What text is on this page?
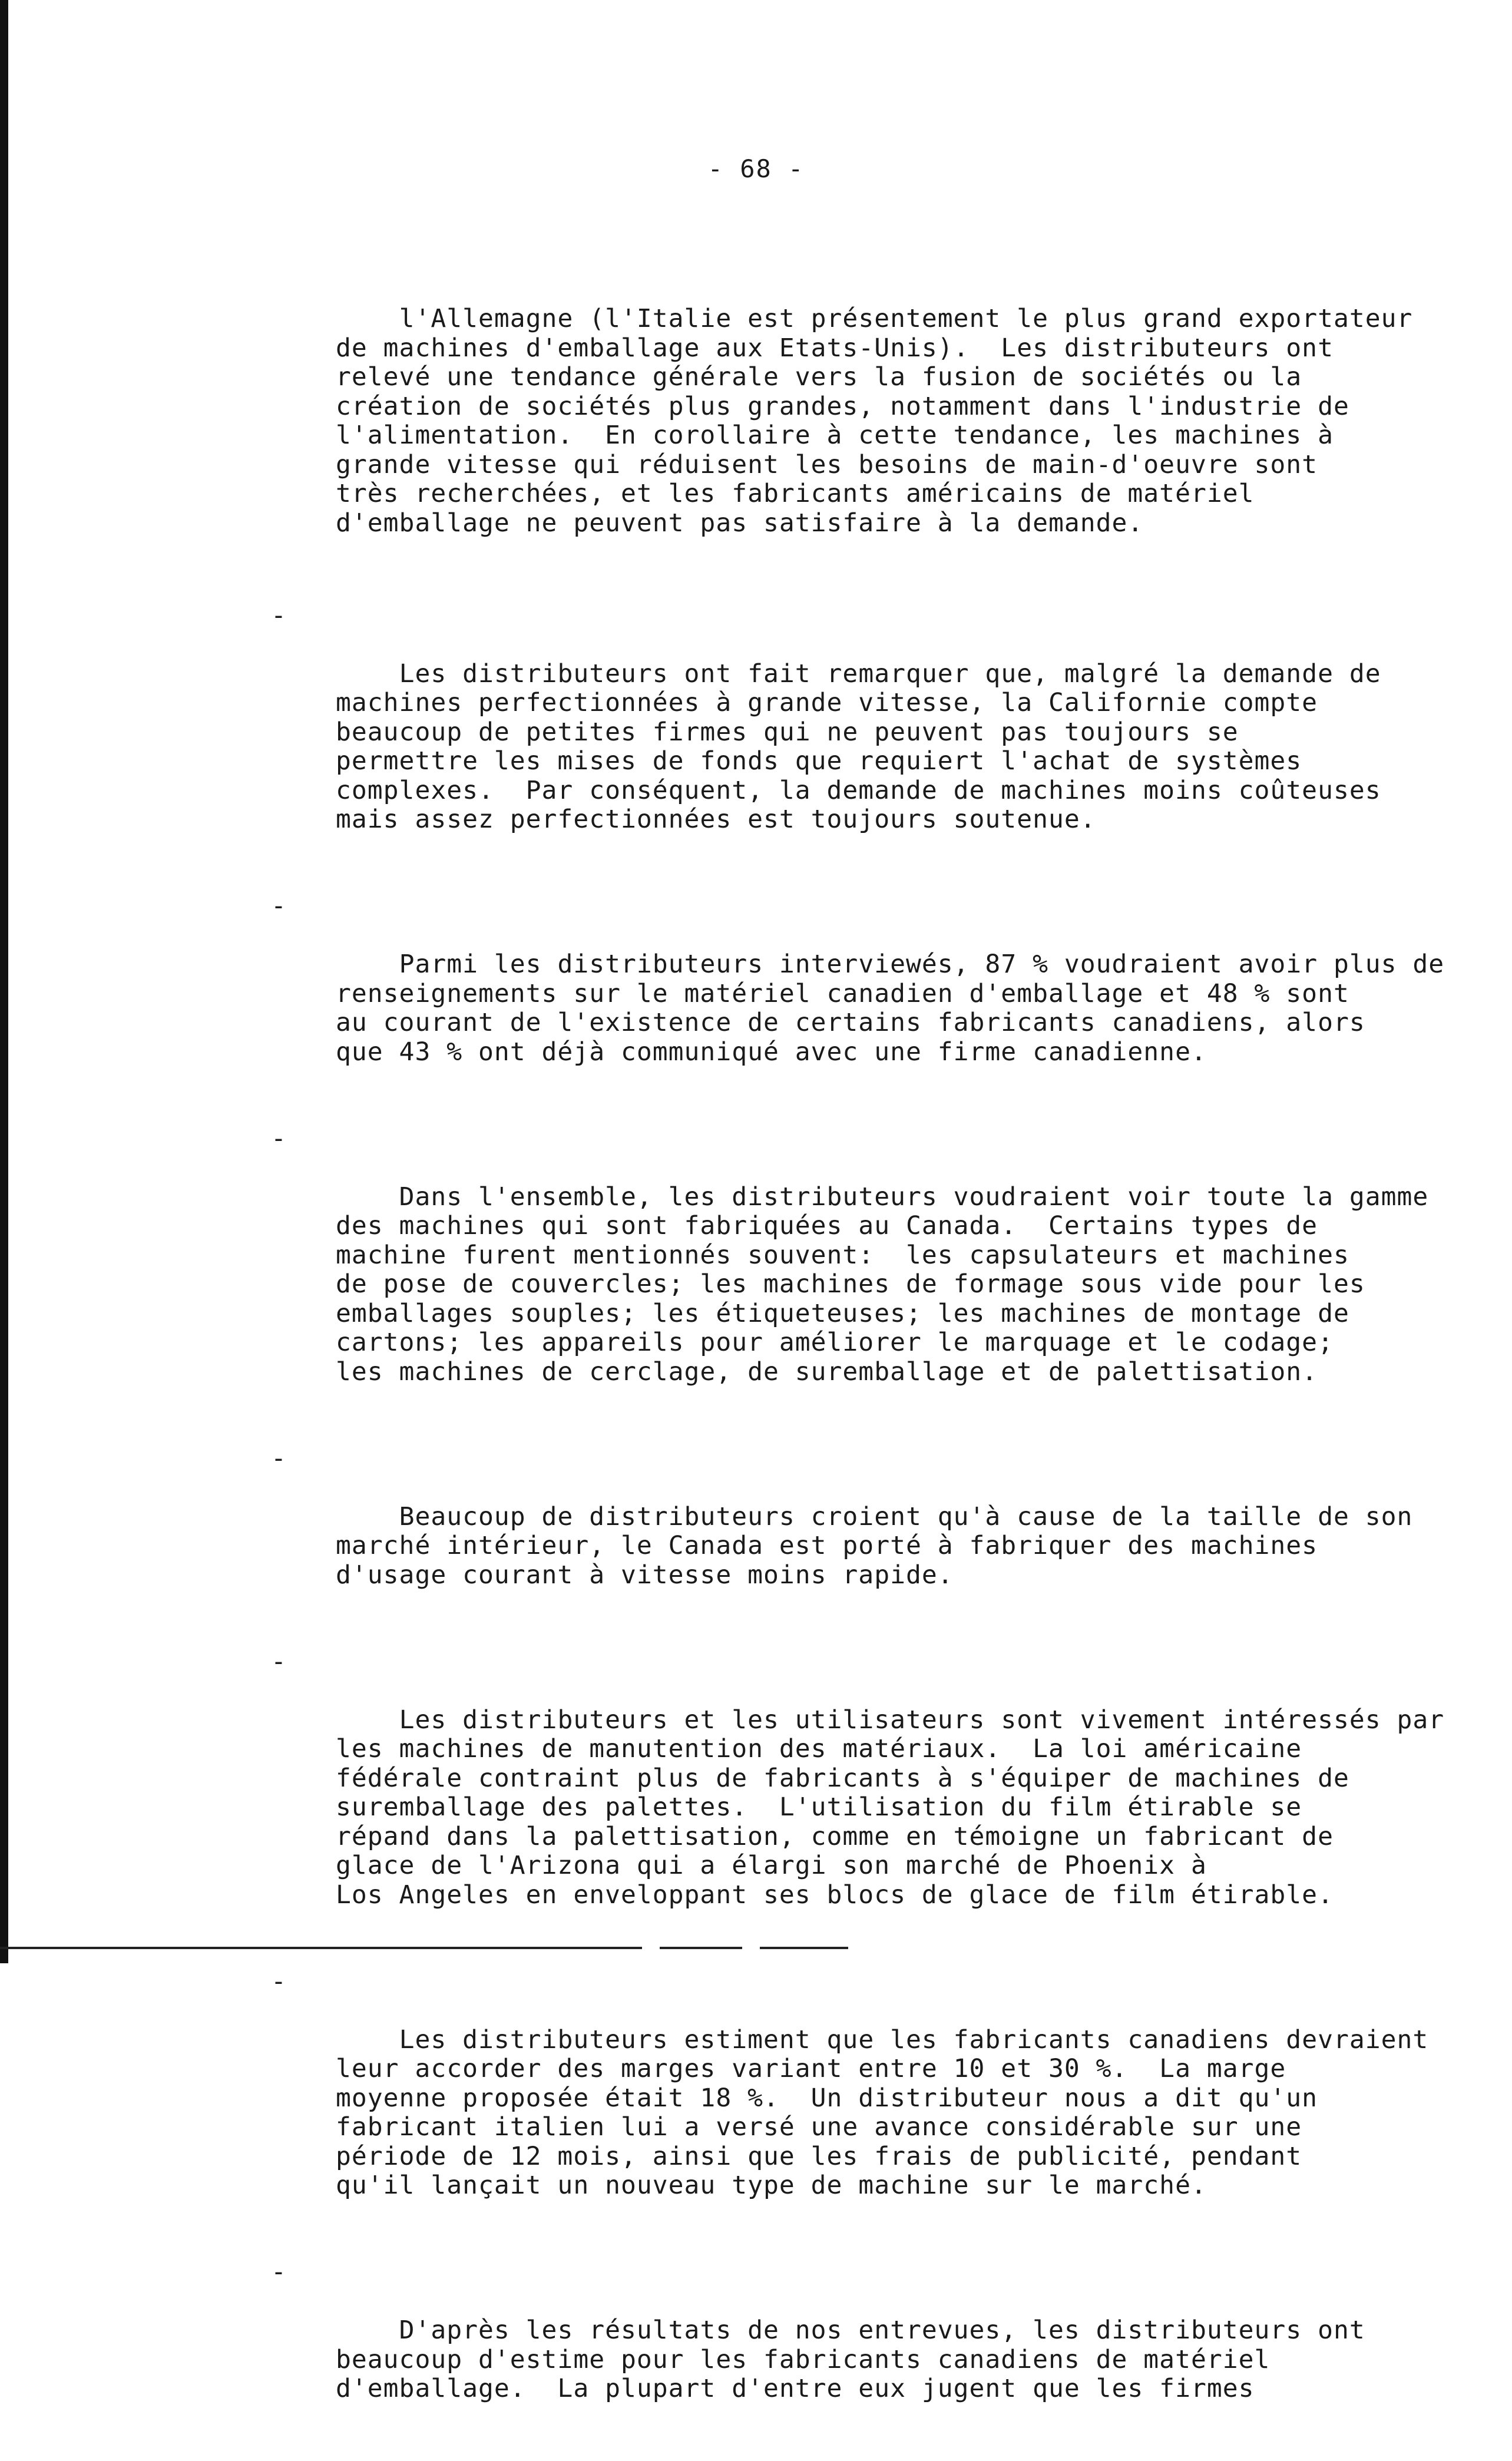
- 68 -

l'Allemagne (l'Italie est présentement le plus grand exportateur
de machines d'emballage aux Etats-Unis).  Les distributeurs ont
relevé une tendance générale vers la fusion de sociétés ou la
création de sociétés plus grandes, notamment dans l'industrie de
l'alimentation.  En corollaire à cette tendance, les machines à
grande vitesse qui réduisent les besoins de main-d'oeuvre sont
très recherchées, et les fabricants américains de matériel
d'emballage ne peuvent pas satisfaire à la demande.

-

Les distributeurs ont fait remarquer que, malgré la demande de
machines perfectionnées à grande vitesse, la Californie compte
beaucoup de petites firmes qui ne peuvent pas toujours se
permettre les mises de fonds que requiert l'achat de systèmes
complexes.  Par conséquent, la demande de machines moins coûteuses
mais assez perfectionnées est toujours soutenue.

-

Parmi les distributeurs interviewés, 87 % voudraient avoir plus de
renseignements sur le matériel canadien d'emballage et 48 % sont
au courant de l'existence de certains fabricants canadiens, alors
que 43 % ont déjà communiqué avec une firme canadienne.

-

Dans l'ensemble, les distributeurs voudraient voir toute la gamme
des machines qui sont fabriquées au Canada.  Certains types de
machine furent mentionnés souvent:  les capsulateurs et machines
de pose de couvercles; les machines de formage sous vide pour les
emballages souples; les étiqueteuses; les machines de montage de
cartons; les appareils pour améliorer le marquage et le codage;
les machines de cerclage, de suremballage et de palettisation.

-

Beaucoup de distributeurs croient qu'à cause de la taille de son
marché intérieur, le Canada est porté à fabriquer des machines
d'usage courant à vitesse moins rapide.

-

Les distributeurs et les utilisateurs sont vivement intéressés par
les machines de manutention des matériaux.  La loi américaine
fédérale contraint plus de fabricants à s'équiper de machines de
suremballage des palettes.  L'utilisation du film étirable se
répand dans la palettisation, comme en témoigne un fabricant de
glace de l'Arizona qui a élargi son marché de Phoenix à
Los Angeles en enveloppant ses blocs de glace de film étirable.

-

Les distributeurs estiment que les fabricants canadiens devraient
leur accorder des marges variant entre 10 et 30 %.  La marge
moyenne proposée était 18 %.  Un distributeur nous a dit qu'un
fabricant italien lui a versé une avance considérable sur une
période de 12 mois, ainsi que les frais de publicité, pendant
qu'il lançait un nouveau type de machine sur le marché.

-

D'après les résultats de nos entrevues, les distributeurs ont
beaucoup d'estime pour les fabricants canadiens de matériel
d'emballage.  La plupart d'entre eux jugent que les firmes
